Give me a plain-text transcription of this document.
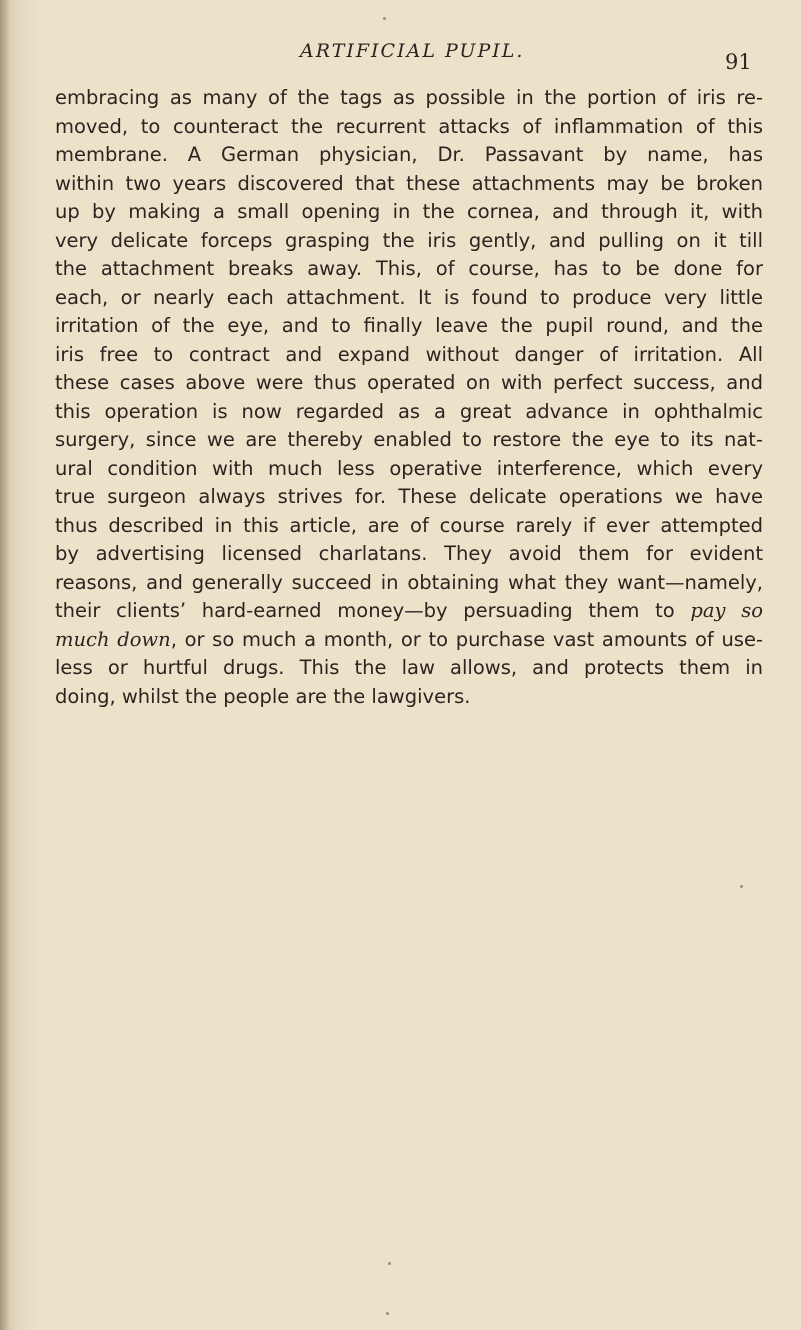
ARTIFICIAL PUPIL.	91
embracing as many of the tags as possible in the portion of iris re-
moved, to counteract the recurrent attacks of inflammation of this
membrane. A German physician, Dr. Passavant by name, has
within two years discovered that these attachments may be broken
up by making a small opening in the cornea, and through it, with
very delicate forceps grasping the iris gently, and pulling on it till
the attachment breaks away. This, of course, has to be done for
each, or nearly each attachment. It is found to produce very little
irritation of the eye, and to finally leave the pupil round, and the
iris free to contract and expand without danger of irritation. All
these cases above were thus operated on with perfect success, and
this operation is now regarded as a great advance in ophthalmic
surgery, since we are thereby enabled to restore the eye to its nat-
ural condition with much less operative interference, which every
true surgeon always strives for. These delicate operations we have
thus described in this article, are of course rarely if ever attempted
by advertising licensed charlatans. They avoid them for evident
reasons, and generally succeed in obtaining what they want—namely,
their clients’ hard-earned money—by persuading them to pay so
much down, or so much a month, or to purchase vast amounts of use-
less or hurtful drugs. This the law allows, and protects them in
doing, whilst the people are the lawgivers.
